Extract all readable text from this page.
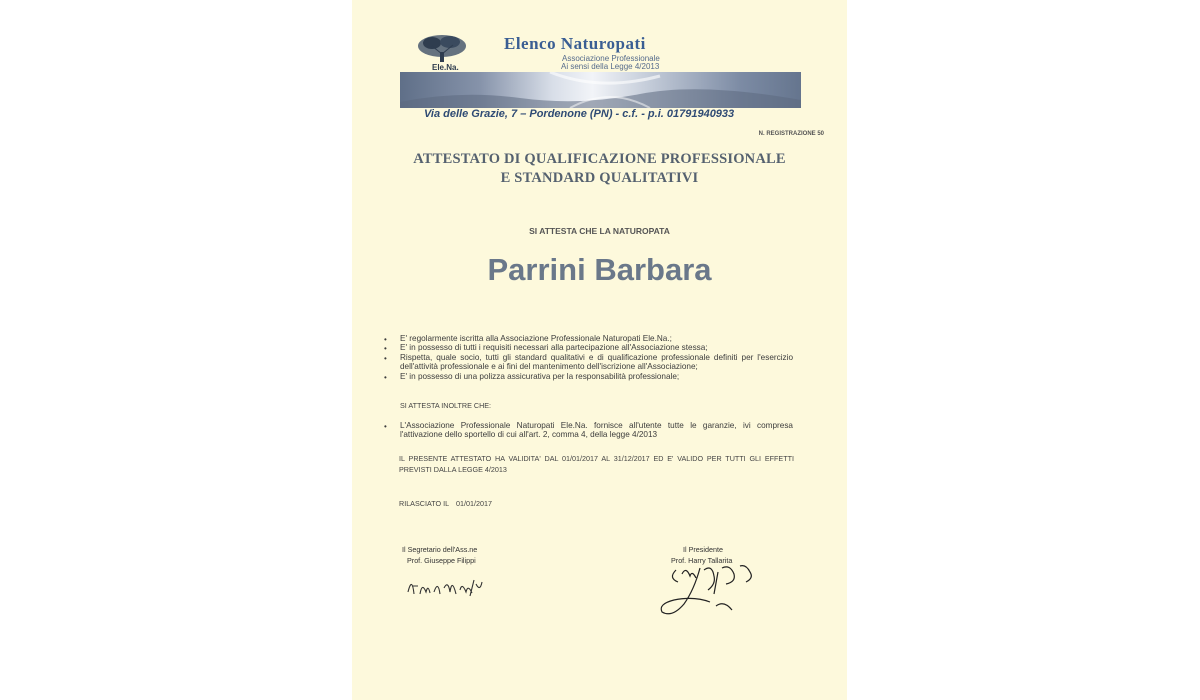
Ele.Na.
Elenco Naturopati
Associazione Professionale
Ai sensi della Legge 4/2013
Via delle Grazie, 7 – Pordenone (PN) - c.f. - p.i. 01791940933
N. REGISTRAZIONE 50
ATTESTATO DI QUALIFICAZIONE PROFESSIONALE
E STANDARD QUALITATIVI
SI ATTESTA CHE LA NATUROPATA
Parrini Barbara
• E' regolarmente iscritta alla Associazione Professionale Naturopati Ele.Na.;
• E' in possesso di tutti i requisiti necessari alla partecipazione all'Associazione stessa;
• Rispetta, quale socio, tutti gli standard qualitativi e di qualificazione professionale definiti per l'esercizio dell'attività professionale e ai fini del mantenimento dell'iscrizione all'Associazione;
• E' in possesso di una polizza assicurativa per la responsabilità professionale;
SI ATTESTA INOLTRE CHE:
• L'Associazione Professionale Naturopati Ele.Na. fornisce all'utente tutte le garanzie, ivi compresa l'attivazione dello sportello di cui all'art. 2, comma 4, della legge 4/2013
IL PRESENTE ATTESTATO HA VALIDITA' DAL 01/01/2017 AL 31/12/2017 ED E' VALIDO PER TUTTI GLI EFFETTI PREVISTI DALLA LEGGE 4/2013
RILASCIATO IL 01/01/2017
Il Segretario dell'Ass.ne
Prof. Giuseppe Filippi
Il Presidente
Prof. Harry Tallarita
